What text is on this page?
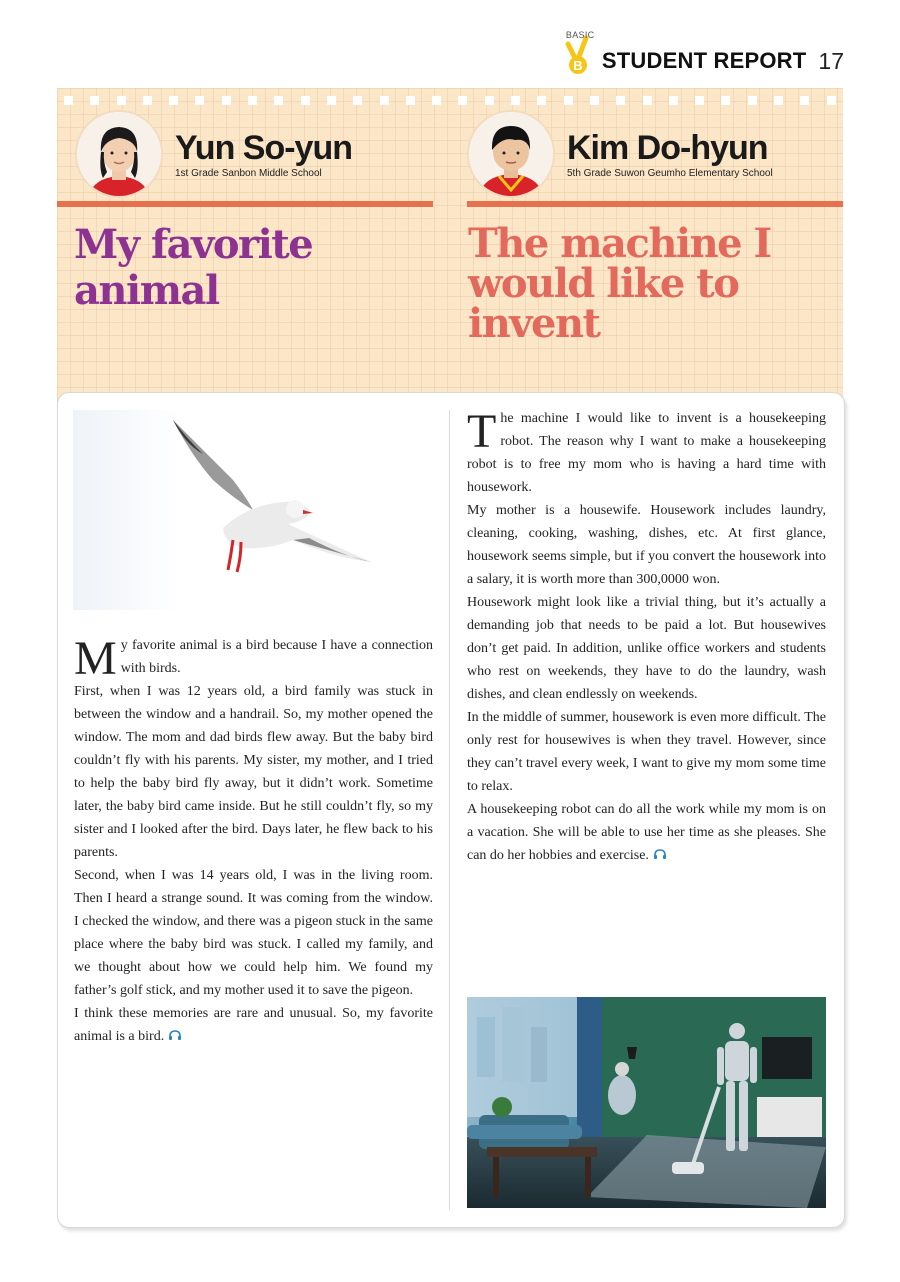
BASIC
B STUDENT REPORT 17
Yun So-yun
1st Grade Sanbon Middle School
Kim Do-hyun
5th Grade Suwon Geumho Elementary School
My favorite animal
The machine I would like to invent

My favorite animal is a bird because I have a connection with birds.

First, when I was 12 years old, a bird family was stuck in between the window and a handrail. So, my mother opened the window. The mom and dad birds flew away. But the baby bird couldn’t fly with his parents. My sister, my mother, and I tried to help the baby bird fly away, but it didn’t work. Sometime later, the baby bird came inside. But he still couldn’t fly, so my sister and I looked after the bird. Days later, he flew back to his parents.

Second, when I was 14 years old, I was in the living room. Then I heard a strange sound. It was coming from the window. I checked the window, and there was a pigeon stuck in the same place where the baby bird was stuck. I called my family, and we thought about how we could help him. We found my father’s golf stick, and my mother used it to save the pigeon.

I think these memories are rare and unusual. So, my favorite animal is a bird.

The machine I would like to invent is a housekeeping robot. The reason why I want to make a housekeeping robot is to free my mom who is having a hard time with housework.

My mother is a housewife. Housework includes laundry, cleaning, cooking, washing, dishes, etc. At first glance, housework seems simple, but if you convert the housework into a salary, it is worth more than 300,0000 won.

Housework might look like a trivial thing, but it’s actually a demanding job that needs to be paid a lot. But housewives don’t get paid. In addition, unlike office workers and students who rest on weekends, they have to do the laundry, wash dishes, and clean endlessly on weekends.

In the middle of summer, housework is even more difficult. The only rest for housewives is when they travel. However, since they can’t travel every week, I want to give my mom some time to relax.

A housekeeping robot can do all the work while my mom is on a vacation. She will be able to use her time as she pleases. She can do her hobbies and exercise.
